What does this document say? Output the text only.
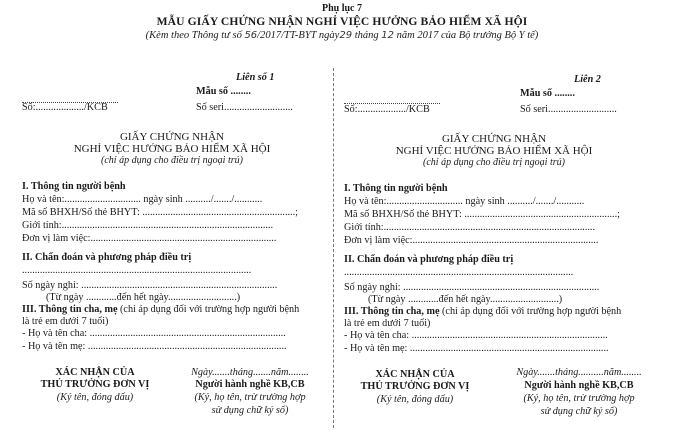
Phụ lục 7
MẪU GIẤY CHỨNG NHẬN NGHỈ VIỆC HƯỞNG BẢO HIỂM XÃ HỘI
(Kèm theo Thông tư số 56/2017/TT-BYT ngày29 tháng 12 năm 2017 của Bộ trưởng Bộ Y tế)
Liên số 1
Mẫu số ........
Số:.................../KCB	Số seri...........................
GIẤY CHỨNG NHẬN
NGHỈ VIỆC HƯỞNG BẢO HIỂM XÃ HỘI
(chỉ áp dụng cho điều trị ngoại trú)
I. Thông tin người bệnh
Họ và tên:.............................. ngày sinh ........../......./...........
Mã số BHXH/Số thẻ BHYT: ............................................................;
Giới tính:...................................................................................
Đơn vị làm việc:.........................................................................
II. Chẩn đoán và phương pháp điều trị
..........................................................................................
Số ngày nghỉ: .............................................................................
(Từ ngày ............đến hết ngày...........................)
III. Thông tin cha, mẹ (chỉ áp dụng đối với trường hợp người bệnh
là trẻ em dưới 7 tuổi)
- Họ và tên cha: .............................................................................
- Họ và tên mẹ: ..............................................................................
XÁC NHẬN CỦA
THỦ TRƯỞNG ĐƠN VỊ
(Ký tên, đóng dấu)
Ngày.......tháng.......năm........
Người hành nghề KB,CB
(Ký, họ tên, trừ trường hợp
sử dụng chữ ký số)
Liên 2
Mẫu số ........
Số:.................../KCB	Số seri...........................
GIẤY CHỨNG NHẬN
NGHỈ VIỆC HƯỞNG BẢO HIỂM XÃ HỘI
(chỉ áp dụng cho điều trị ngoại trú)
I. Thông tin người bệnh
Họ và tên:.............................. ngày sinh ........../......./...........
Mã số BHXH/Số thẻ BHYT: ............................................................;
Giới tính:...................................................................................
Đơn vị làm việc:.........................................................................
II. Chẩn đoán và phương pháp điều trị
..........................................................................................
Số ngày nghỉ: .............................................................................
(Từ ngày ............đến hết ngày...........................)
III. Thông tin cha, mẹ (chỉ áp dụng đối với trường hợp người bệnh
là trẻ em dưới 7 tuổi)
- Họ và tên cha: .............................................................................
- Họ và tên mẹ: ..............................................................................
XÁC NHẬN CỦA
THỦ TRƯỞNG ĐƠN VỊ
(Ký tên, đóng dấu)
Ngày.......tháng..........năm........
Người hành nghề KB,CB
(Ký, họ tên, trừ trường hợp
sử dụng chữ ký số)
